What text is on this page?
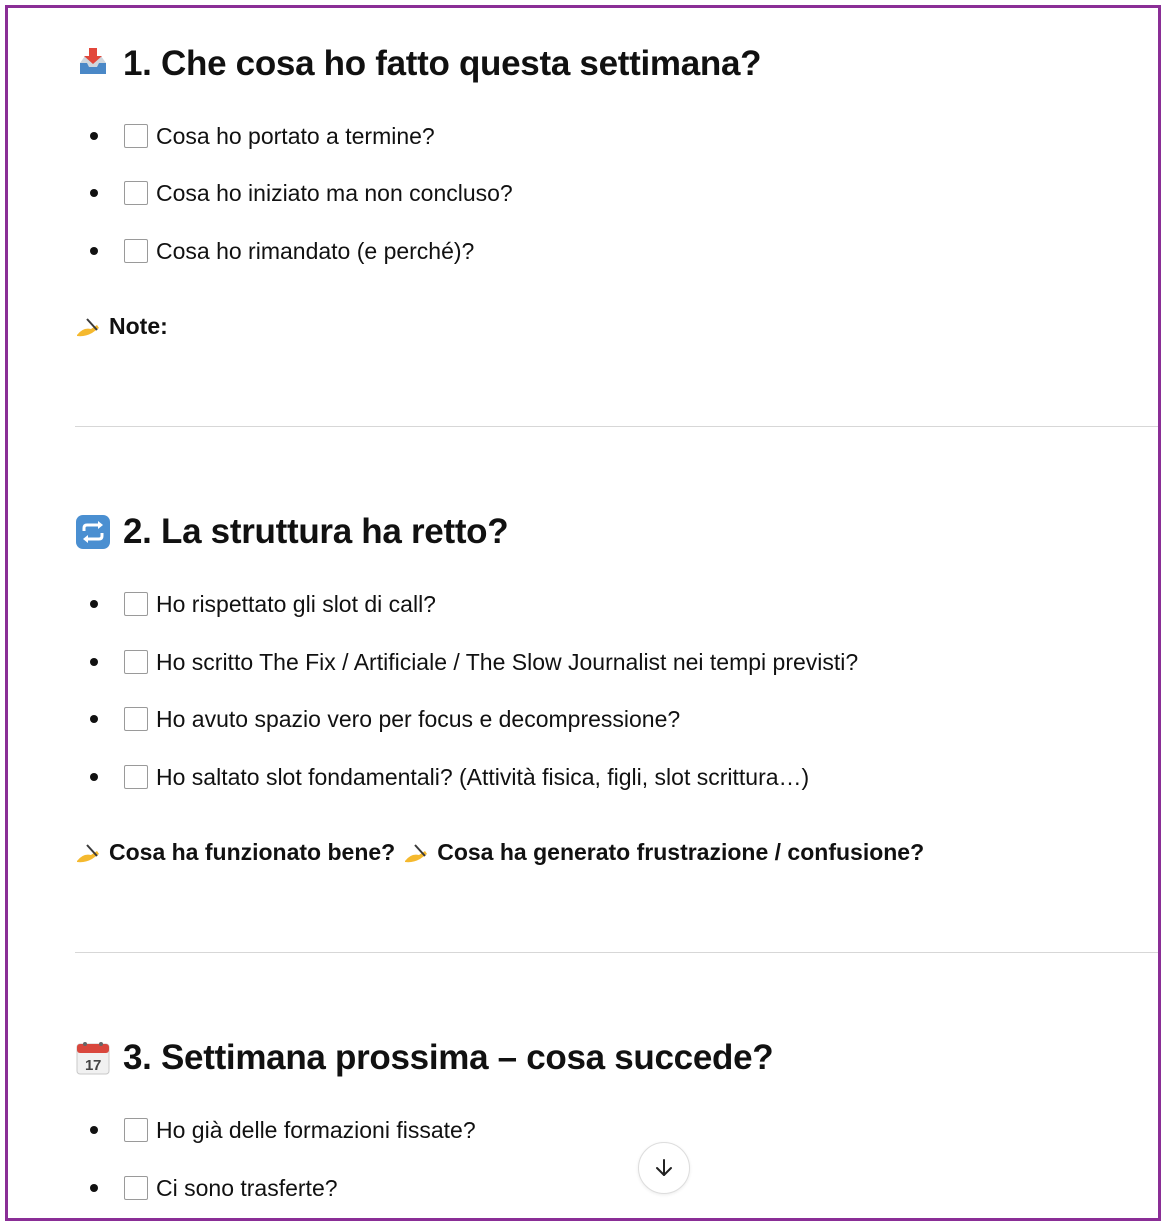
1. Che cosa ho fatto questa settimana?
Cosa ho portato a termine?
Cosa ho iniziato ma non concluso?
Cosa ho rimandato (e perché)?
Note:
2. La struttura ha retto?
Ho rispettato gli slot di call?
Ho scritto The Fix / Artificiale / The Slow Journalist nei tempi previsti?
Ho avuto spazio vero per focus e decompressione?
Ho saltato slot fondamentali? (Attività fisica, figli, slot scrittura…)
Cosa ha funzionato bene? Cosa ha generato frustrazione / confusione?
17 3. Settimana prossima – cosa succede?
Ho già delle formazioni fissate?
Ci sono trasferte?
